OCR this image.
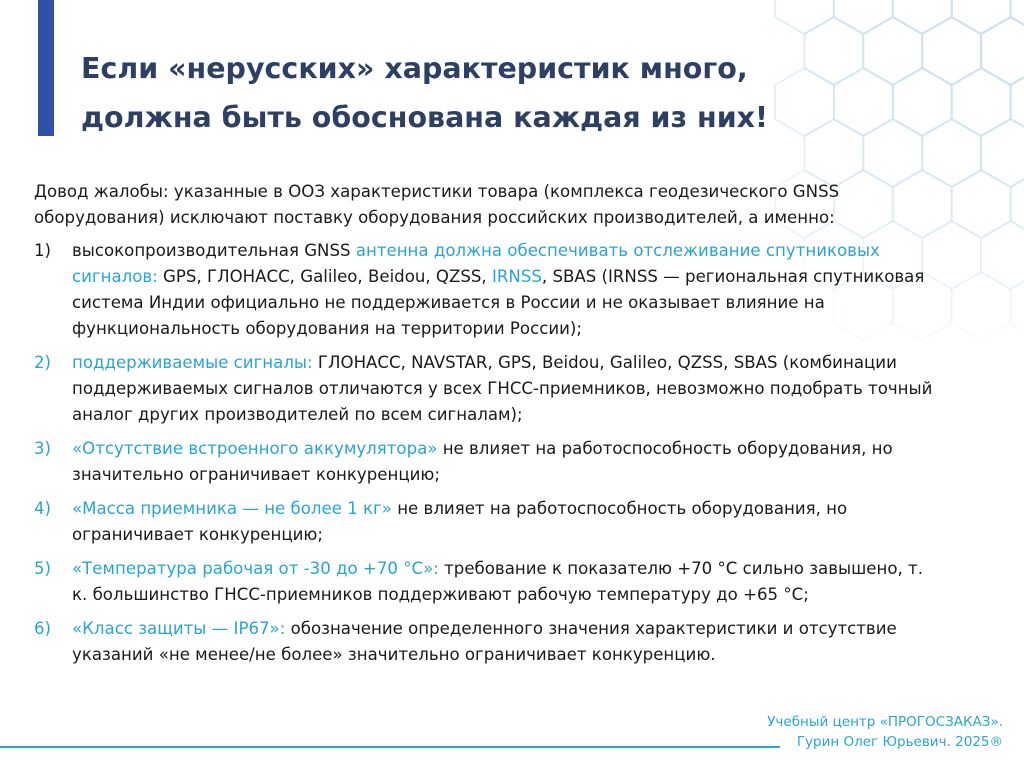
Если «нерусских» характеристик много,
должна быть обоснована каждая из них!

Довод жалобы: указанные в ООЗ характеристики товара (комплекса геодезического GNSS оборудования) исключают поставку оборудования российских производителей, а именно:

1) высокопроизводительная GNSS антенна должна обеспечивать отслеживание спутниковых сигналов: GPS, ГЛОНАСС, Galileo, Beidou, QZSS, IRNSS, SBAS (IRNSS — региональная спутниковая система Индии официально не поддерживается в России и не оказывает влияние на функциональность оборудования на территории России);
2) поддерживаемые сигналы: ГЛОНАСС, NAVSTAR, GPS, Beidou, Galileo, QZSS, SBAS (комбинации поддерживаемых сигналов отличаются у всех ГНСС-приемников, невозможно подобрать точный аналог других производителей по всем сигналам);
3) «Отсутствие встроенного аккумулятора» не влияет на работоспособность оборудования, но значительно ограничивает конкуренцию;
4) «Масса приемника — не более 1 кг» не влияет на работоспособность оборудования, но ограничивает конкуренцию;
5) «Температура рабочая от -30 до +70 °С»: требование к показателю +70 °С сильно завышено, т. к. большинство ГНСС-приемников поддерживают рабочую температуру до +65 °С;
6) «Класс защиты — IP67»: обозначение определенного значения характеристики и отсутствие указаний «не менее/не более» значительно ограничивает конкуренцию.
Учебный центр «ПРОГОСЗАКАЗ».
Гурин Олег Юрьевич. 2025®
